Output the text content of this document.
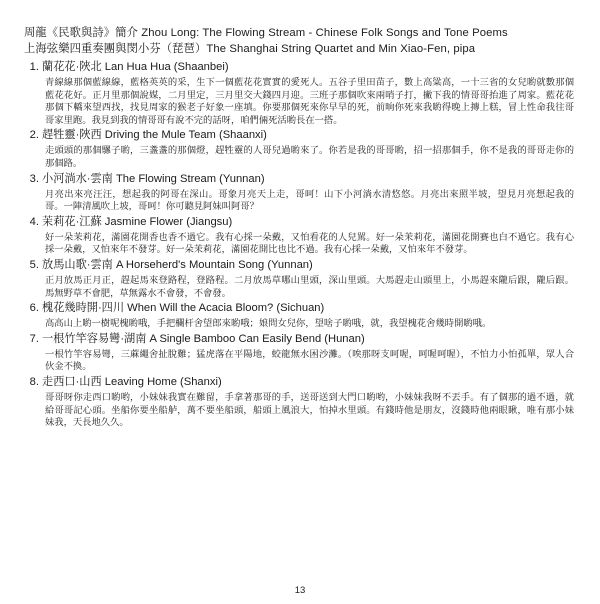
周龍《民歌與詩》簡介 Zhou Long: The Flowing Stream - Chinese Folk Songs and Tone Poems
上海弦樂四重奏團與閔小芬（琵琶）The Shanghai String Quartet and Min Xiao-Fen, pipa
1. 蘭花花·陜北 Lan Hua Hua (Shaanbei)

青線線那個藍線線，藍格英英的采，生下一個藍花花實實的愛死人。五谷子里田苗子，數上高粱高，一十三省的女兒喲就數那個藍花花好。正月里那個說媒，二月里定，三月里交大錢四月迎。三班子那個吹來兩哨子打，撇下我的情哥哥抬進了周家。藍花花那個下轎來望西找，找見周家的猴老子好象一座填。你要那個死來你早早的死，前晌你死來我喲得晚上摶上糕，冒上性命我往哥哥家里跑。我見到我的情哥哥有說不完的話呀，咱們倆死活喲長在一搭。

2. 趕牲靈·陜西 Driving the Mule Team (Shaanxi)

走頭頭的那個騾子喲，三盞盞的那個燈，趕牲靈的人哥兒過喲來了。你若是我的哥哥喲，招一招那個手，你不是我的哥哥走你的那個路。

3. 小河淌水·雲南 The Flowing Stream (Yunnan)

月亮出來亮汪汪，想起我的阿哥在深山。哥象月亮天上走，哥呵！山下小河淌水清悠悠。月亮出來照半坡，望見月亮想起我的哥。一陣清風吹上坡，哥呵！你可聽見阿妹叫阿哥？

4. 茉莉花·江蘇 Jasmine Flower (Jiangsu)

好一朵茉莉花，滿園花開香也香不過它。我有心採一朵戴，又怕看花的人兒駡。好一朵茉莉花，滿園花開賽也白不過它。我有心採一朵戴，又怕來年不發芽。好一朵茉莉花，滿園花開比也比不過。我有心採一朵戴，又怕來年不發芽。

5. 放馬山歌·雲南 A Horseherd's Mountain Song (Yunnan)

正月放馬正月正，趕起馬來登路程，登路程。二月放馬草哪山里頭，深山里頭。大馬趕走山頭里上，小馬趕來隴后跟，隴后跟。馬無野草不會肥，草無露水不會發，不會發。

6. 槐花幾時開·四川 When Will the Acacia Bloom? (Sichuan)

高高山上喲一樹呢槐喲哦，手把欄杆舍望郎來喲哦；娘問女兒你，望啥子喲哦，就，我望槐花舍幾時開喲哦。

7. 一根竹竿容易彎·湖南 A Single Bamboo Can Easily Bend (Hunan)

一根竹竿容易彎，三蔴繩舍扯脫難；猛虎落在平陽地，蛟龍無水困沙灘。（唉那呀支呵喔，呵喔呵喔），不怕力小怕孤單，眾人合伙金不換。

8. 走西口·山西 Leaving Home (Shanxi)

哥哥呀你走西口喲哟，小妹妹我實在難留，手拿著那哥的手，送哥送到大門口喲哟，小妹妹我呀不丟手。有了個那的過不過，就給哥哥記心頭。坐船你要坐船舻，萬不要坐船頭，船頭上風浪大，怕掉水里頭。有錢時他是朋友，沒錢時他兩眼瞅，唯有那小妹妹我，天長地久久。

13
